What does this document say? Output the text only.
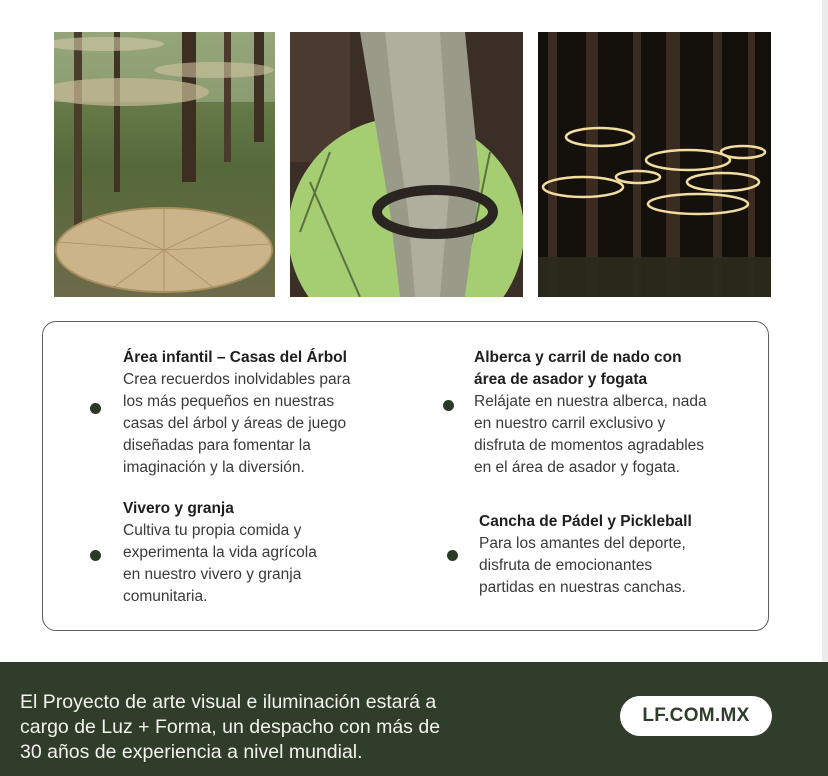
Área infantil – Casas del Árbol
Crea recuerdos inolvidables para
los más pequeños en nuestras
casas del árbol y áreas de juego
diseñadas para fomentar la
imaginación y la diversión.
Alberca y carril de nado con
área de asador y fogata
Relájate en nuestra alberca, nada
en nuestro carril exclusivo y
disfruta de momentos agradables
en el área de asador y fogata.
Vivero y granja
Cultiva tu propia comida y
experimenta la vida agrícola
en nuestro vivero y granja
comunitaria.
Cancha de Pádel y Pickleball
Para los amantes del deporte,
disfruta de emocionantes
partidas en nuestras canchas.
El Proyecto de arte visual e iluminación estará a
cargo de Luz + Forma, un despacho con más de
30 años de experiencia a nivel mundial.
LF.COM.MX
